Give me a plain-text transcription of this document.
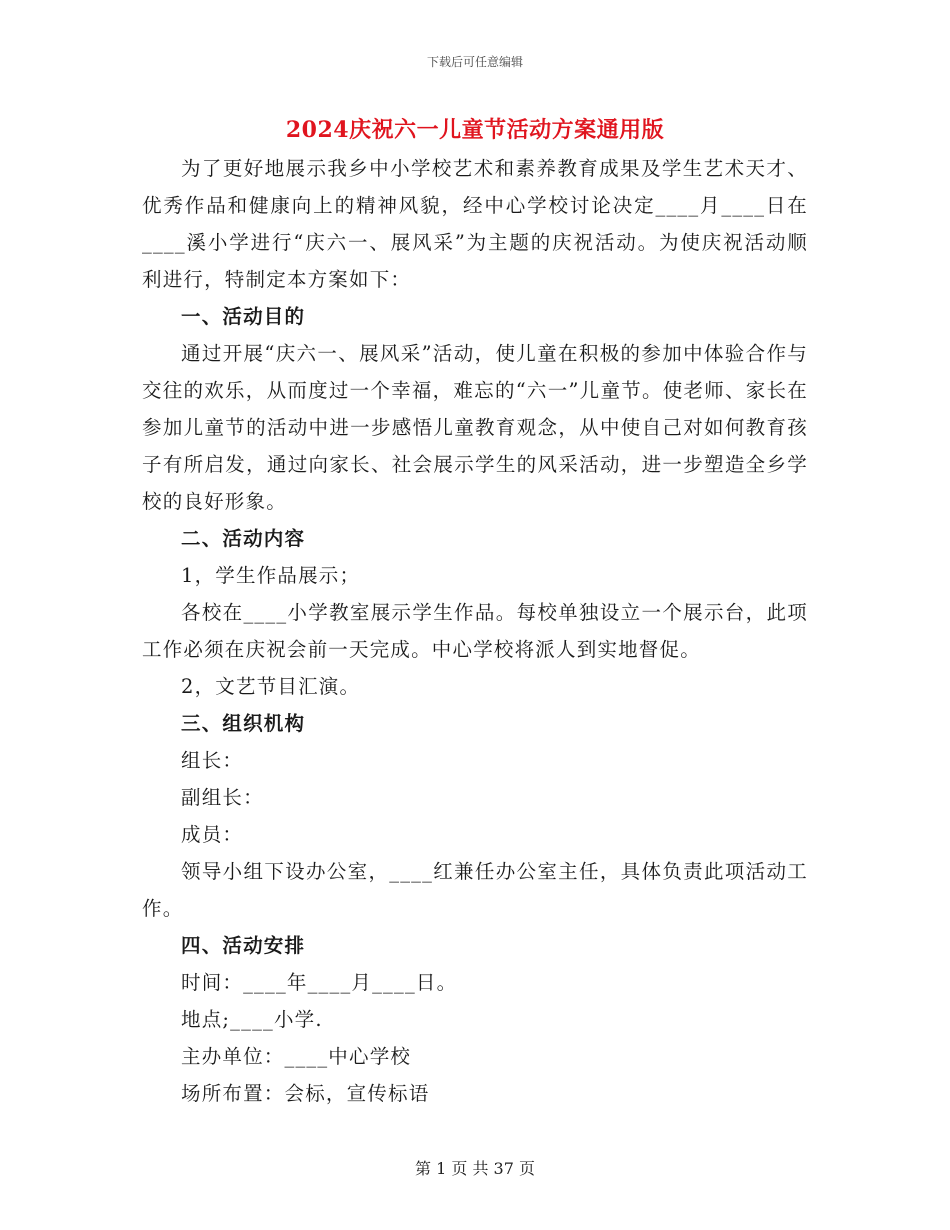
下载后可任意编辑
2024庆祝六一儿童节活动方案通用版

为了更好地展示我乡中小学校艺术和素养教育成果及学生艺术天才、优秀作品和健康向上的精神风貌，经中心学校讨论决定____月____日在____溪小学进行“庆六一、展风采”为主题的庆祝活动。为使庆祝活动顺利进行，特制定本方案如下：

一、活动目的

通过开展“庆六一、展风采”活动，使儿童在积极的参加中体验合作与交往的欢乐，从而度过一个幸福，难忘的“六一”儿童节。使老师、家长在参加儿童节的活动中进一步感悟儿童教育观念，从中使自己对如何教育孩子有所启发，通过向家长、社会展示学生的风采活动，进一步塑造全乡学校的良好形象。

二、活动内容

1，学生作品展示；

各校在____小学教室展示学生作品。每校单独设立一个展示台，此项工作必须在庆祝会前一天完成。中心学校将派人到实地督促。

2，文艺节目汇演。

三、组织机构

组长：

副组长：

成员：

领导小组下设办公室，____红兼任办公室主任，具体负责此项活动工作。

四、活动安排

时间：____年____月____日。

地点;____小学.

主办单位：____中心学校

场所布置：会标，宣传标语

第 1 页 共 37 页
